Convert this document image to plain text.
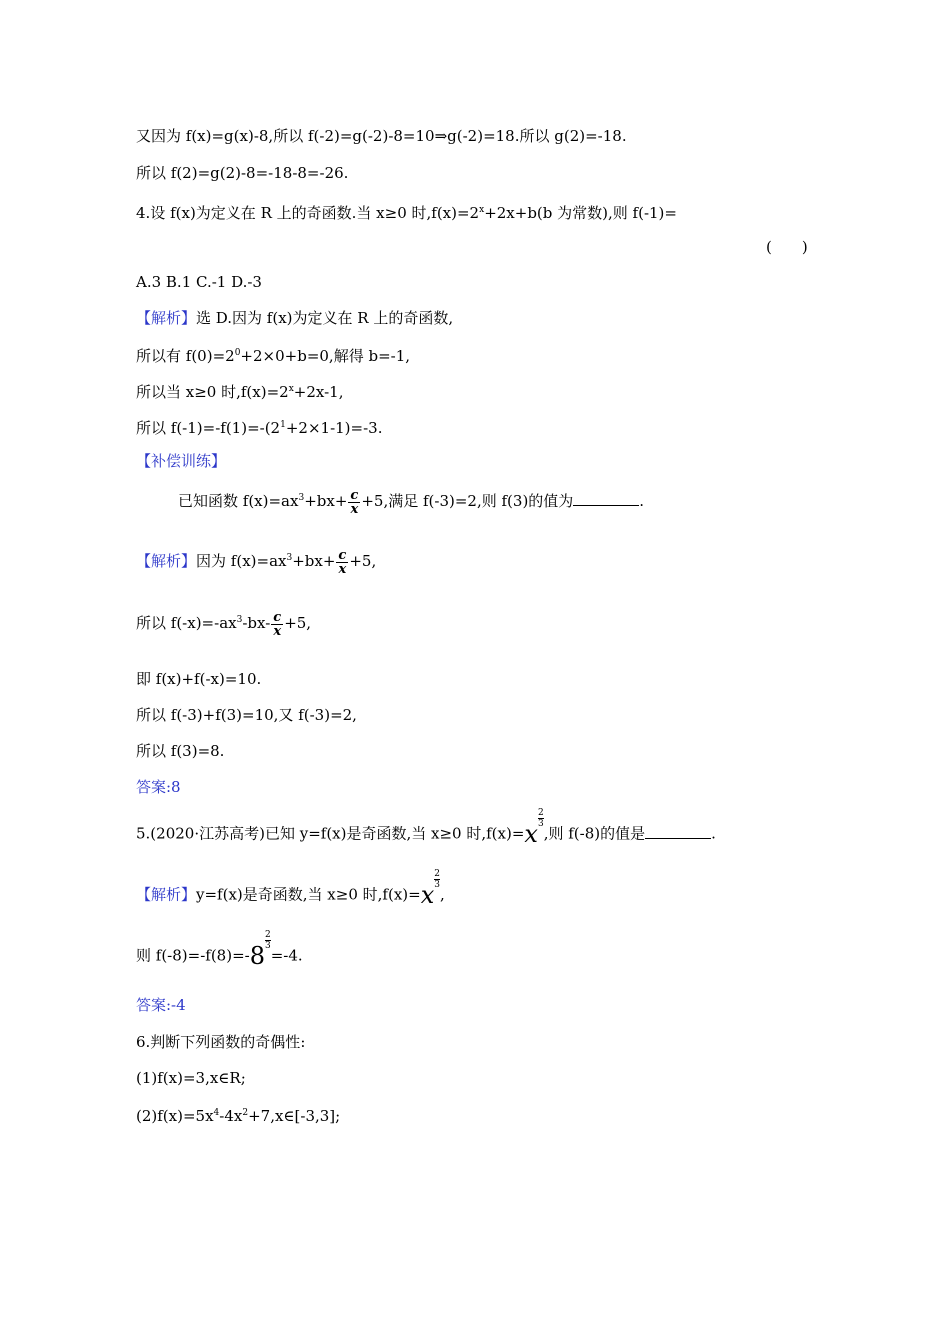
又因为 f(x)=g(x)-8,所以 f(-2)=g(-2)-8=10⇒g(-2)=18.所以 g(2)=-18.
所以 f(2)=g(2)-8=-18-8=-26.
4.设 f(x)为定义在 R 上的奇函数.当 x≥0 时$,f(x)=2^x+2x+b(b$ 为常数),则 f(-1)=
(　　)
A.3 B.1 C.-1 D.-3
【解析】选 D.因为 f(x)为定义在 R 上的奇函数,
所以有 $f(0)=2^0+2\times 0+b=0$,解得 b=-1,
所以当 x≥0 时$,f(x)=2^x+2x-1$,
所以 $f(-1)=-f(1)=-(2^1+2\times 1-1)=-3$.
【补偿训练】
已知函数 $f(x)=ax^3+bx+ \frac{c}{x} +5$,满足 f(-3)=2,则 f(3)的值为	.
【解析】因为 $f(x)=ax^3+bx+ \frac{c}{x} +5$,
所以 $f(-x)=-ax^3-bx- \frac{c}{x} +5$,
即 f(x)+f(-x)=10.
所以 f(-3)+f(3)=10,又 f(-3)=2,
所以 f(3)=8.
答案:8
5.(2020·江苏高考)已知 y=f(x)是奇函数,当 x≥0 时,f(x)=x
$\frac{2}{3}$
,则 f(-8)的值是	.
【解析】y=f(x)是奇函数,当 x≥0 时,f(x)=x
$\frac{2}{3}$
,
则 f(-8)=-f(8)=-8
$\frac{2}{3}$
=-4.
答案:-4
6.判断下列函数的奇偶性:
(1)f(x)=3,x∈R;
$(2)f(x)=5x^4-4x^2+7,x\in[-3,3]$;
